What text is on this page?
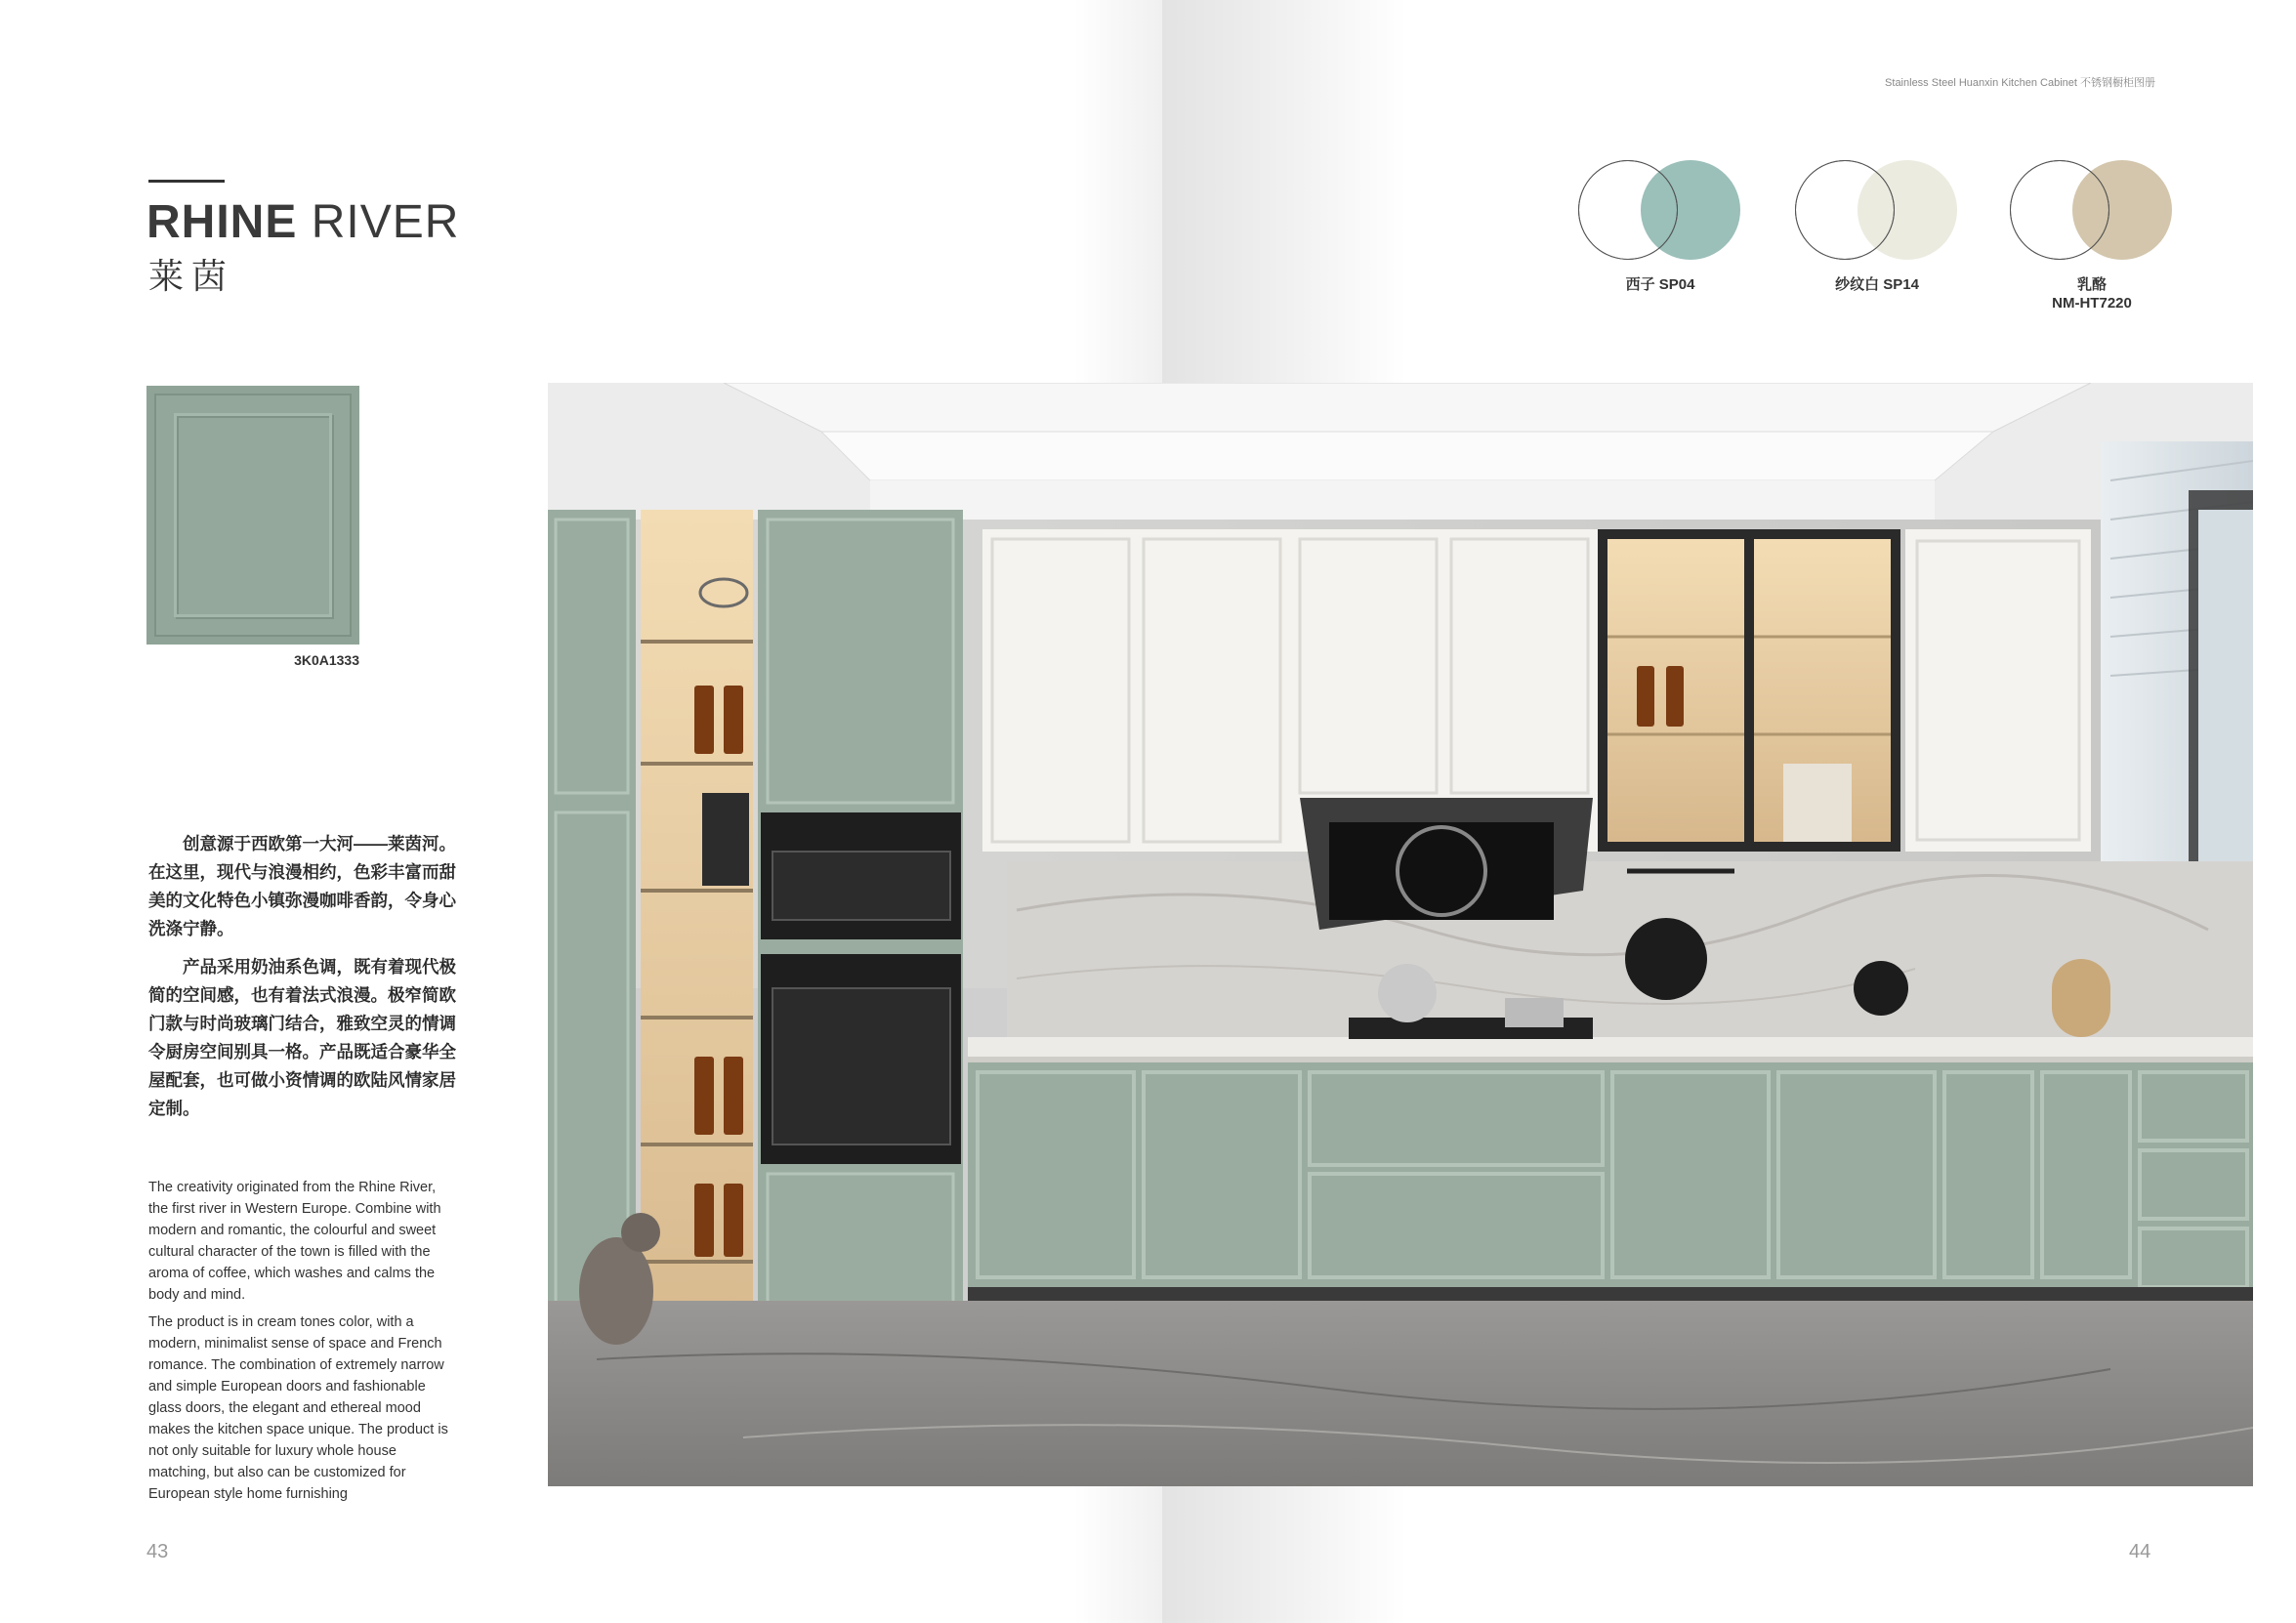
RHINE RIVER
莱茵
3K0A1333

创意源于西欧第一大河——莱茵河。在这里，现代与浪漫相约，色彩丰富而甜美的文化特色小镇弥漫咖啡香韵，令身心洗涤宁静。

产品采用奶油系色调，既有着现代极简的空间感，也有着法式浪漫。极窄简欧门款与时尚玻璃门结合，雅致空灵的情调令厨房空间别具一格。产品既适合豪华全屋配套，也可做小资情调的欧陆风情家居定制。

The creativity originated from the Rhine River, the first river in Western Europe. Combine with modern and romantic, the colourful and sweet cultural character of the town is filled with the aroma of coffee, which washes and calms the body and mind.

The product is in cream tones color, with a modern, minimalist sense of space and French romance. The combination of extremely narrow and simple European doors and fashionable glass doors, the elegant and ethereal mood makes the kitchen space unique. The product is not only suitable for luxury whole house matching, but also can be customized for European style home furnishing

43
Stainless Steel Huanxin Kitchen Cabinet 不锈钢橱柜图册
西子 SP04	纱纹白 SP14	乳酪
NM-HT7220
44
